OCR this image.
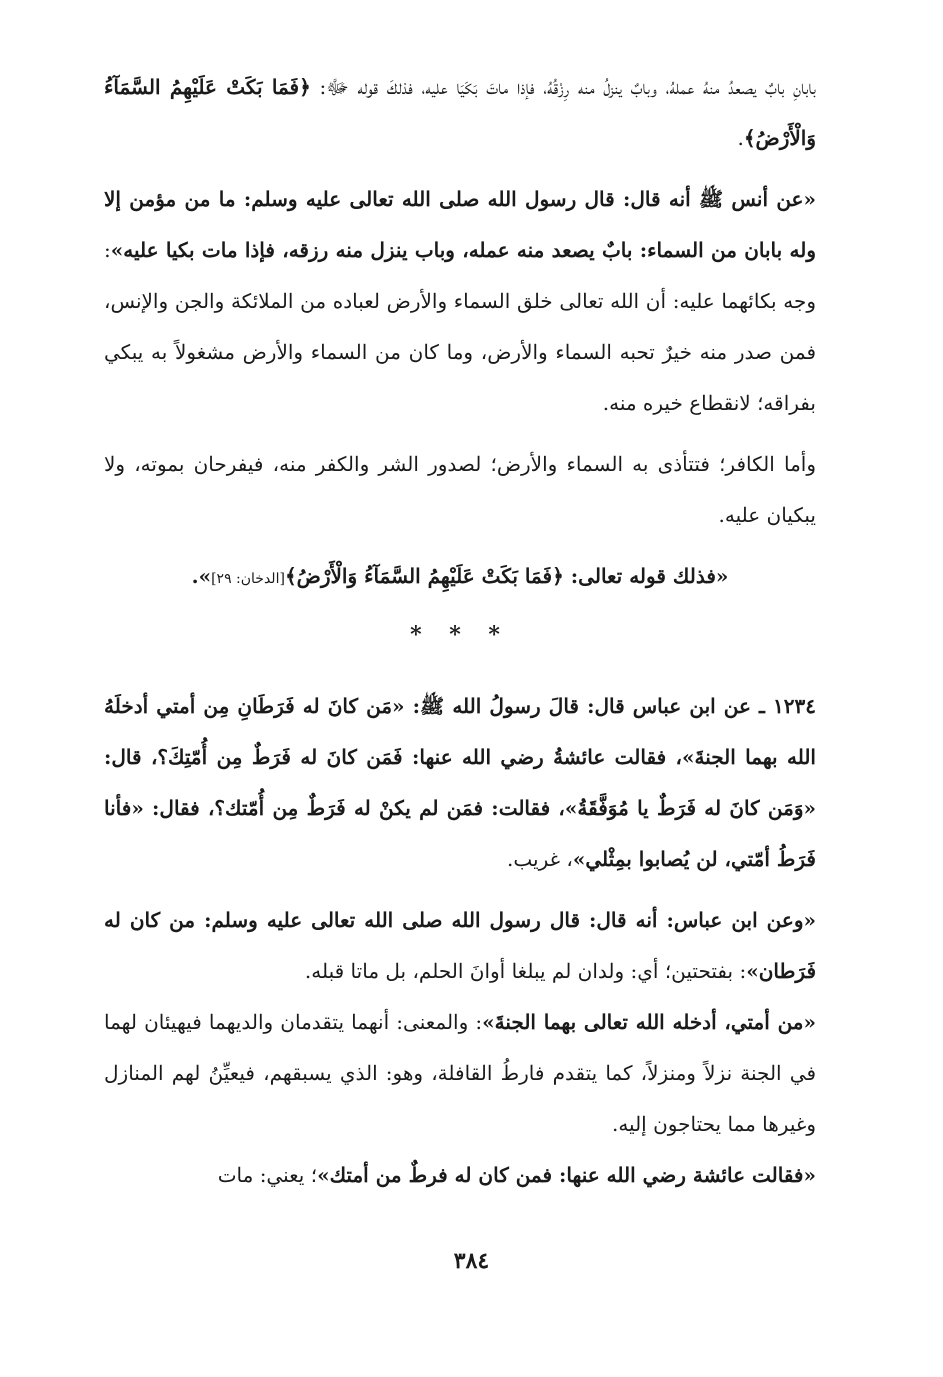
بابانِ بابٌ يصعدُ منهُ عملهُ، وبابٌ ينزلُ منه رِزْقُهُ، فإذا ماتَ بَكَيَا عليه، فذلكَ قوله ﷻ: ﴿فَمَا بَكَتْ عَلَيْهِمُ السَّمَآءُ وَالْأَرْضُ﴾.

«عن أنس ﷺ أنه قال: قال رسول الله صلى الله تعالى عليه وسلم: ما من مؤمن إلا وله بابان من السماء: بابٌ يصعد منه عمله، وباب ينزل منه رزقه، فإذا مات بكيا عليه»: وجه بكائهما عليه: أن الله تعالى خلق السماء والأرض لعباده من الملائكة والجن والإنس، فمن صدر منه خيرٌ تحبه السماء والأرض، وما كان من السماء والأرض مشغولاً به يبكي بفراقه؛ لانقطاع خيره منه.

وأما الكافر؛ فتتأذى به السماء والأرض؛ لصدور الشر والكفر منه، فيفرحان بموته، ولا يبكيان عليه.

«فذلك قوله تعالى: ﴿فَمَا بَكَتْ عَلَيْهِمُ السَّمَآءُ وَالْأَرْضُ﴾[الدخان: ٢٩]».

* * *

١٢٣٤ ـ عن ابن عباس قال: قالَ رسولُ الله ﷺ: «مَن كانَ له فَرَطَانِ مِن أمتي أدخلَهُ الله بهما الجنةَ»، فقالت عائشةُ رضي الله عنها: فَمَن كانَ له فَرَطٌ مِن أُمّتِكَ؟، قال: «وَمَن كانَ له فَرَطٌ يا مُوَفَّقَةُ»، فقالت: فمَن لم يكنْ له فَرَطٌ مِن أُمّتك؟، فقال: «فأنا فَرَطُ أمّتي، لن يُصابوا بمِثْلي»، غريب.

«وعن ابن عباس: أنه قال: قال رسول الله صلى الله تعالى عليه وسلم: من كان له فَرَطان»: بفتحتين؛ أي: ولدان لم يبلغا أوانَ الحلم، بل ماتا قبله.

«من أمتي، أدخله الله تعالى بهما الجنةَ»: والمعنى: أنهما يتقدمان والديهما فيهيئان لهما في الجنة نزلاً ومنزلاً، كما يتقدم فارطُ القافلة، وهو: الذي يسبقهم، فيعيِّنُ لهم المنازل وغيرها مما يحتاجون إليه.

«فقالت عائشة رضي الله عنها: فمن كان له فرطٌ من أمتك»؛ يعني: مات

٣٨٤
